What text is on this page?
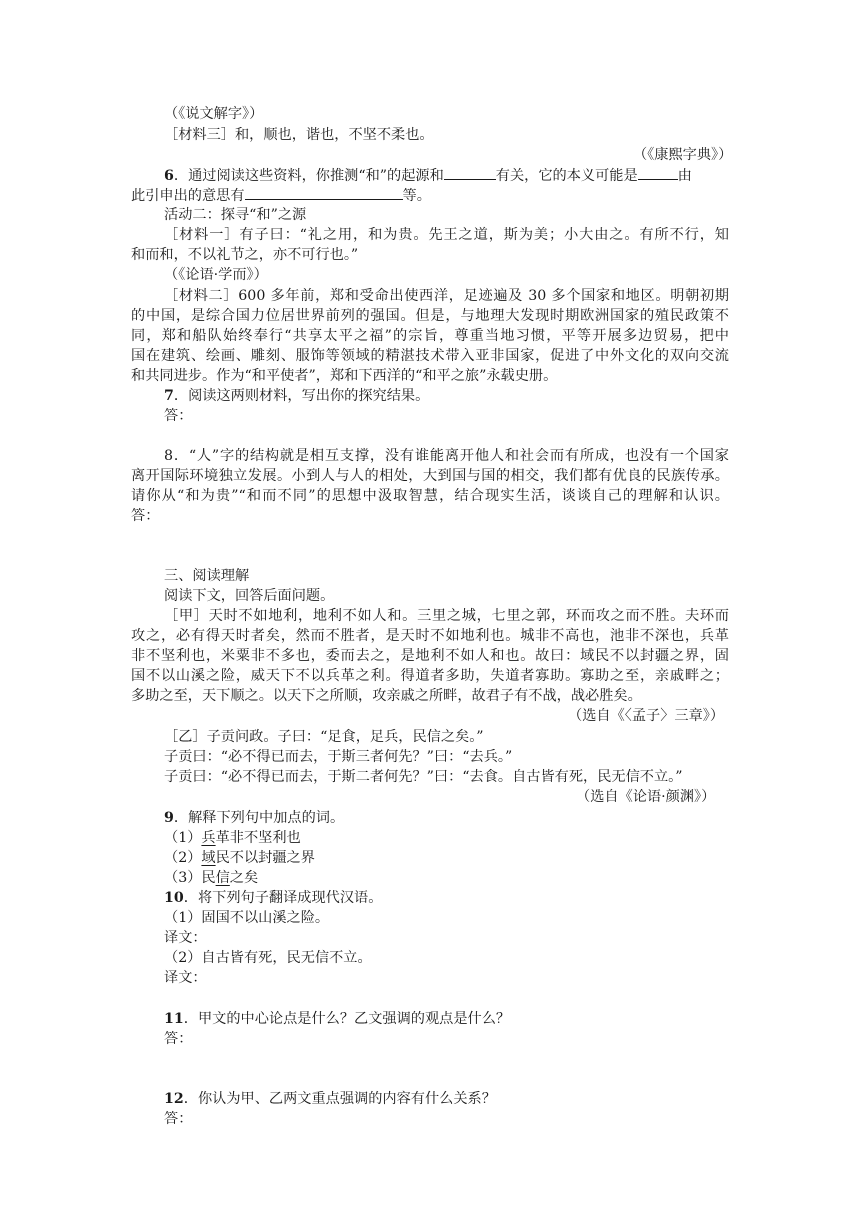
（《说文解字》）
［材料三］和，顺也，谐也，不坚不柔也。
（《康熙字典》）
6．通过阅读这些资料，你推测“和”的起源和	有关，它的本义可能是	由
此引申出的意思有	等。
活动二：探寻“和”之源
［材料一］有子曰：“礼之用，和为贵。先王之道，斯为美；小大由之。有所不行，知
和而和，不以礼节之，亦不可行也。”
（《论语·学而》）
［材料二］600 多年前，郑和受命出使西洋，足迹遍及 30 多个国家和地区。明朝初期
的中国，是综合国力位居世界前列的强国。但是，与地理大发现时期欧洲国家的殖民政策不
同，郑和船队始终奉行“共享太平之福”的宗旨，尊重当地习惯，平等开展多边贸易，把中
国在建筑、绘画、雕刻、服饰等领域的精湛技术带入亚非国家，促进了中外文化的双向交流
和共同进步。作为“和平使者”，郑和下西洋的“和平之旅”永载史册。
7．阅读这两则材料，写出你的探究结果。
答：
8．“人”字的结构就是相互支撑，没有谁能离开他人和社会而有所成，也没有一个国家
离开国际环境独立发展。小到人与人的相处，大到国与国的相交，我们都有优良的民族传承。
请你从“和为贵”“和而不同”的思想中汲取智慧，结合现实生活，谈谈自己的理解和认识。
答：
三、阅读理解
阅读下文，回答后面问题。
［甲］天时不如地利，地利不如人和。三里之城，七里之郭，环而攻之而不胜。夫环而
攻之，必有得天时者矣，然而不胜者，是天时不如地利也。城非不高也，池非不深也，兵革
非不坚利也，米粟非不多也，委而去之，是地利不如人和也。故曰：域民不以封疆之界，固
国不以山溪之险，威天下不以兵革之利。得道者多助，失道者寡助。寡助之至，亲戚畔之；
多助之至，天下顺之。以天下之所顺，攻亲戚之所畔，故君子有不战，战必胜矣。
（选自《〈孟子〉三章》）
［乙］子贡问政。子曰：“足食，足兵，民信之矣。”
子贡曰：“必不得已而去，于斯三者何先？”曰：“去兵。”
子贡曰：“必不得已而去，于斯二者何先？”曰：“去食。自古皆有死，民无信不立。”
（选自《论语·颜渊》）
9．解释下列句中加点的词。
（1）兵革非不坚利也
（2）域民不以封疆之界
（3）民信之矣
10．将下列句子翻译成现代汉语。
（1）固国不以山溪之险。
译文：
（2）自古皆有死，民无信不立。
译文：
11．甲文的中心论点是什么？乙文强调的观点是什么？
答：
12．你认为甲、乙两文重点强调的内容有什么关系？
答：
